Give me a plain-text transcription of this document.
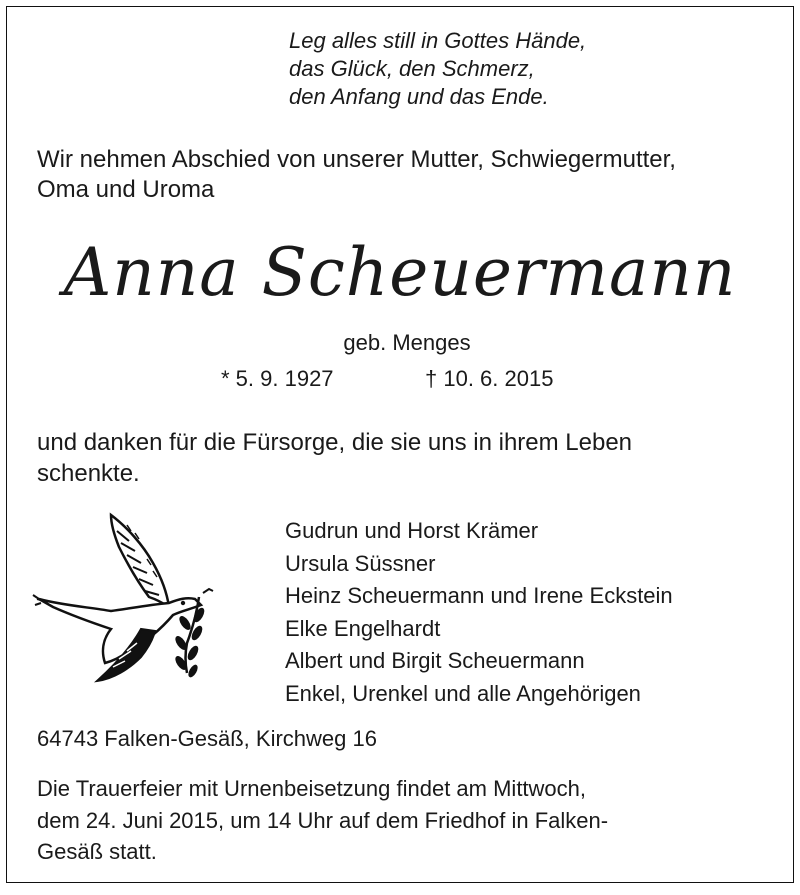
Leg alles still in Gottes Hände,
das Glück, den Schmerz,
den Anfang und das Ende.
Wir nehmen Abschied von unserer Mutter, Schwiegermutter,
Oma und Uroma
Anna Scheuermann
geb. Menges
* 5. 9. 1927	† 10. 6. 2015
und danken für die Fürsorge, die sie uns in ihrem Leben
schenkte.
Gudrun und Horst Krämer
Ursula Süssner
Heinz Scheuermann und Irene Eckstein
Elke Engelhardt
Albert und Birgit Scheuermann
Enkel, Urenkel und alle Angehörigen
64743 Falken-Gesäß, Kirchweg 16
Die Trauerfeier mit Urnenbeisetzung findet am Mittwoch,
dem 24. Juni 2015, um 14 Uhr auf dem Friedhof in Falken-
Gesäß statt.
